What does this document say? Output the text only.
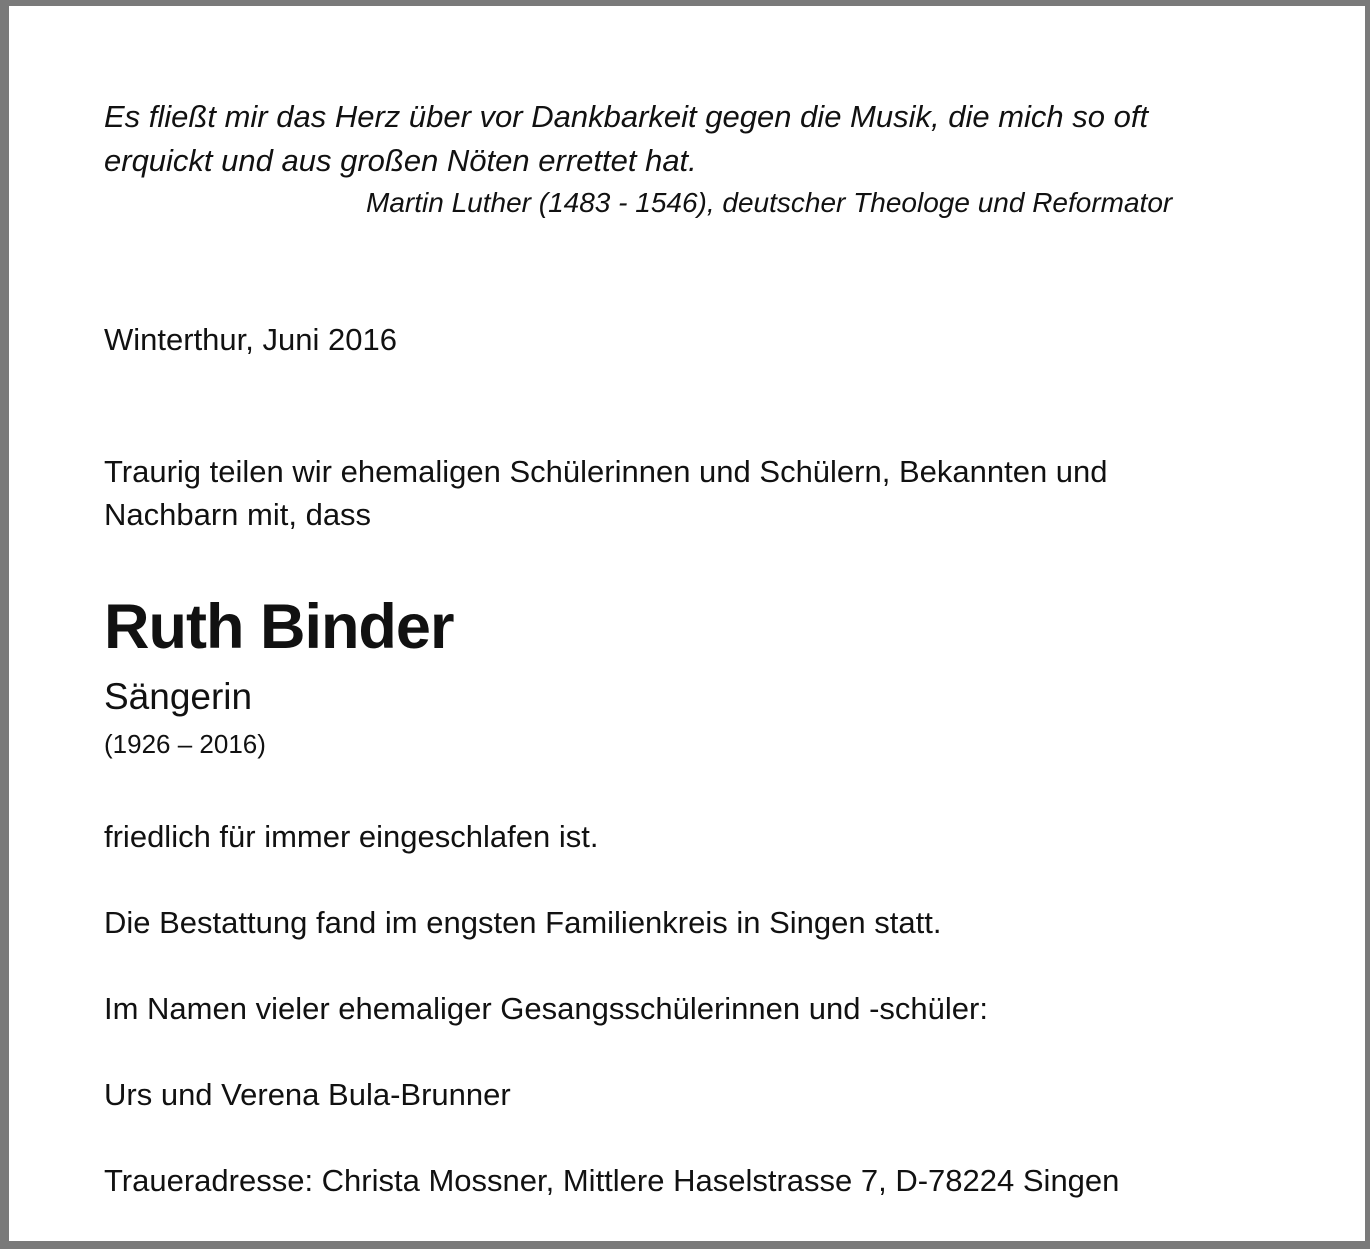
Es fließt mir das Herz über vor Dankbarkeit gegen die Musik, die mich so oft
erquickt und aus großen Nöten errettet hat.

Martin Luther (1483 - 1546), deutscher Theologe und Reformator

Winterthur, Juni 2016

Traurig teilen wir ehemaligen Schülerinnen und Schülern, Bekannten und
Nachbarn mit, dass

Ruth Binder

Sängerin

(1926 – 2016)

friedlich für immer eingeschlafen ist.

Die Bestattung fand im engsten Familienkreis in Singen statt.

Im Namen vieler ehemaliger Gesangsschülerinnen und -schüler:

Urs und Verena Bula-Brunner

Traueradresse: Christa Mossner, Mittlere Haselstrasse 7, D-78224 Singen
